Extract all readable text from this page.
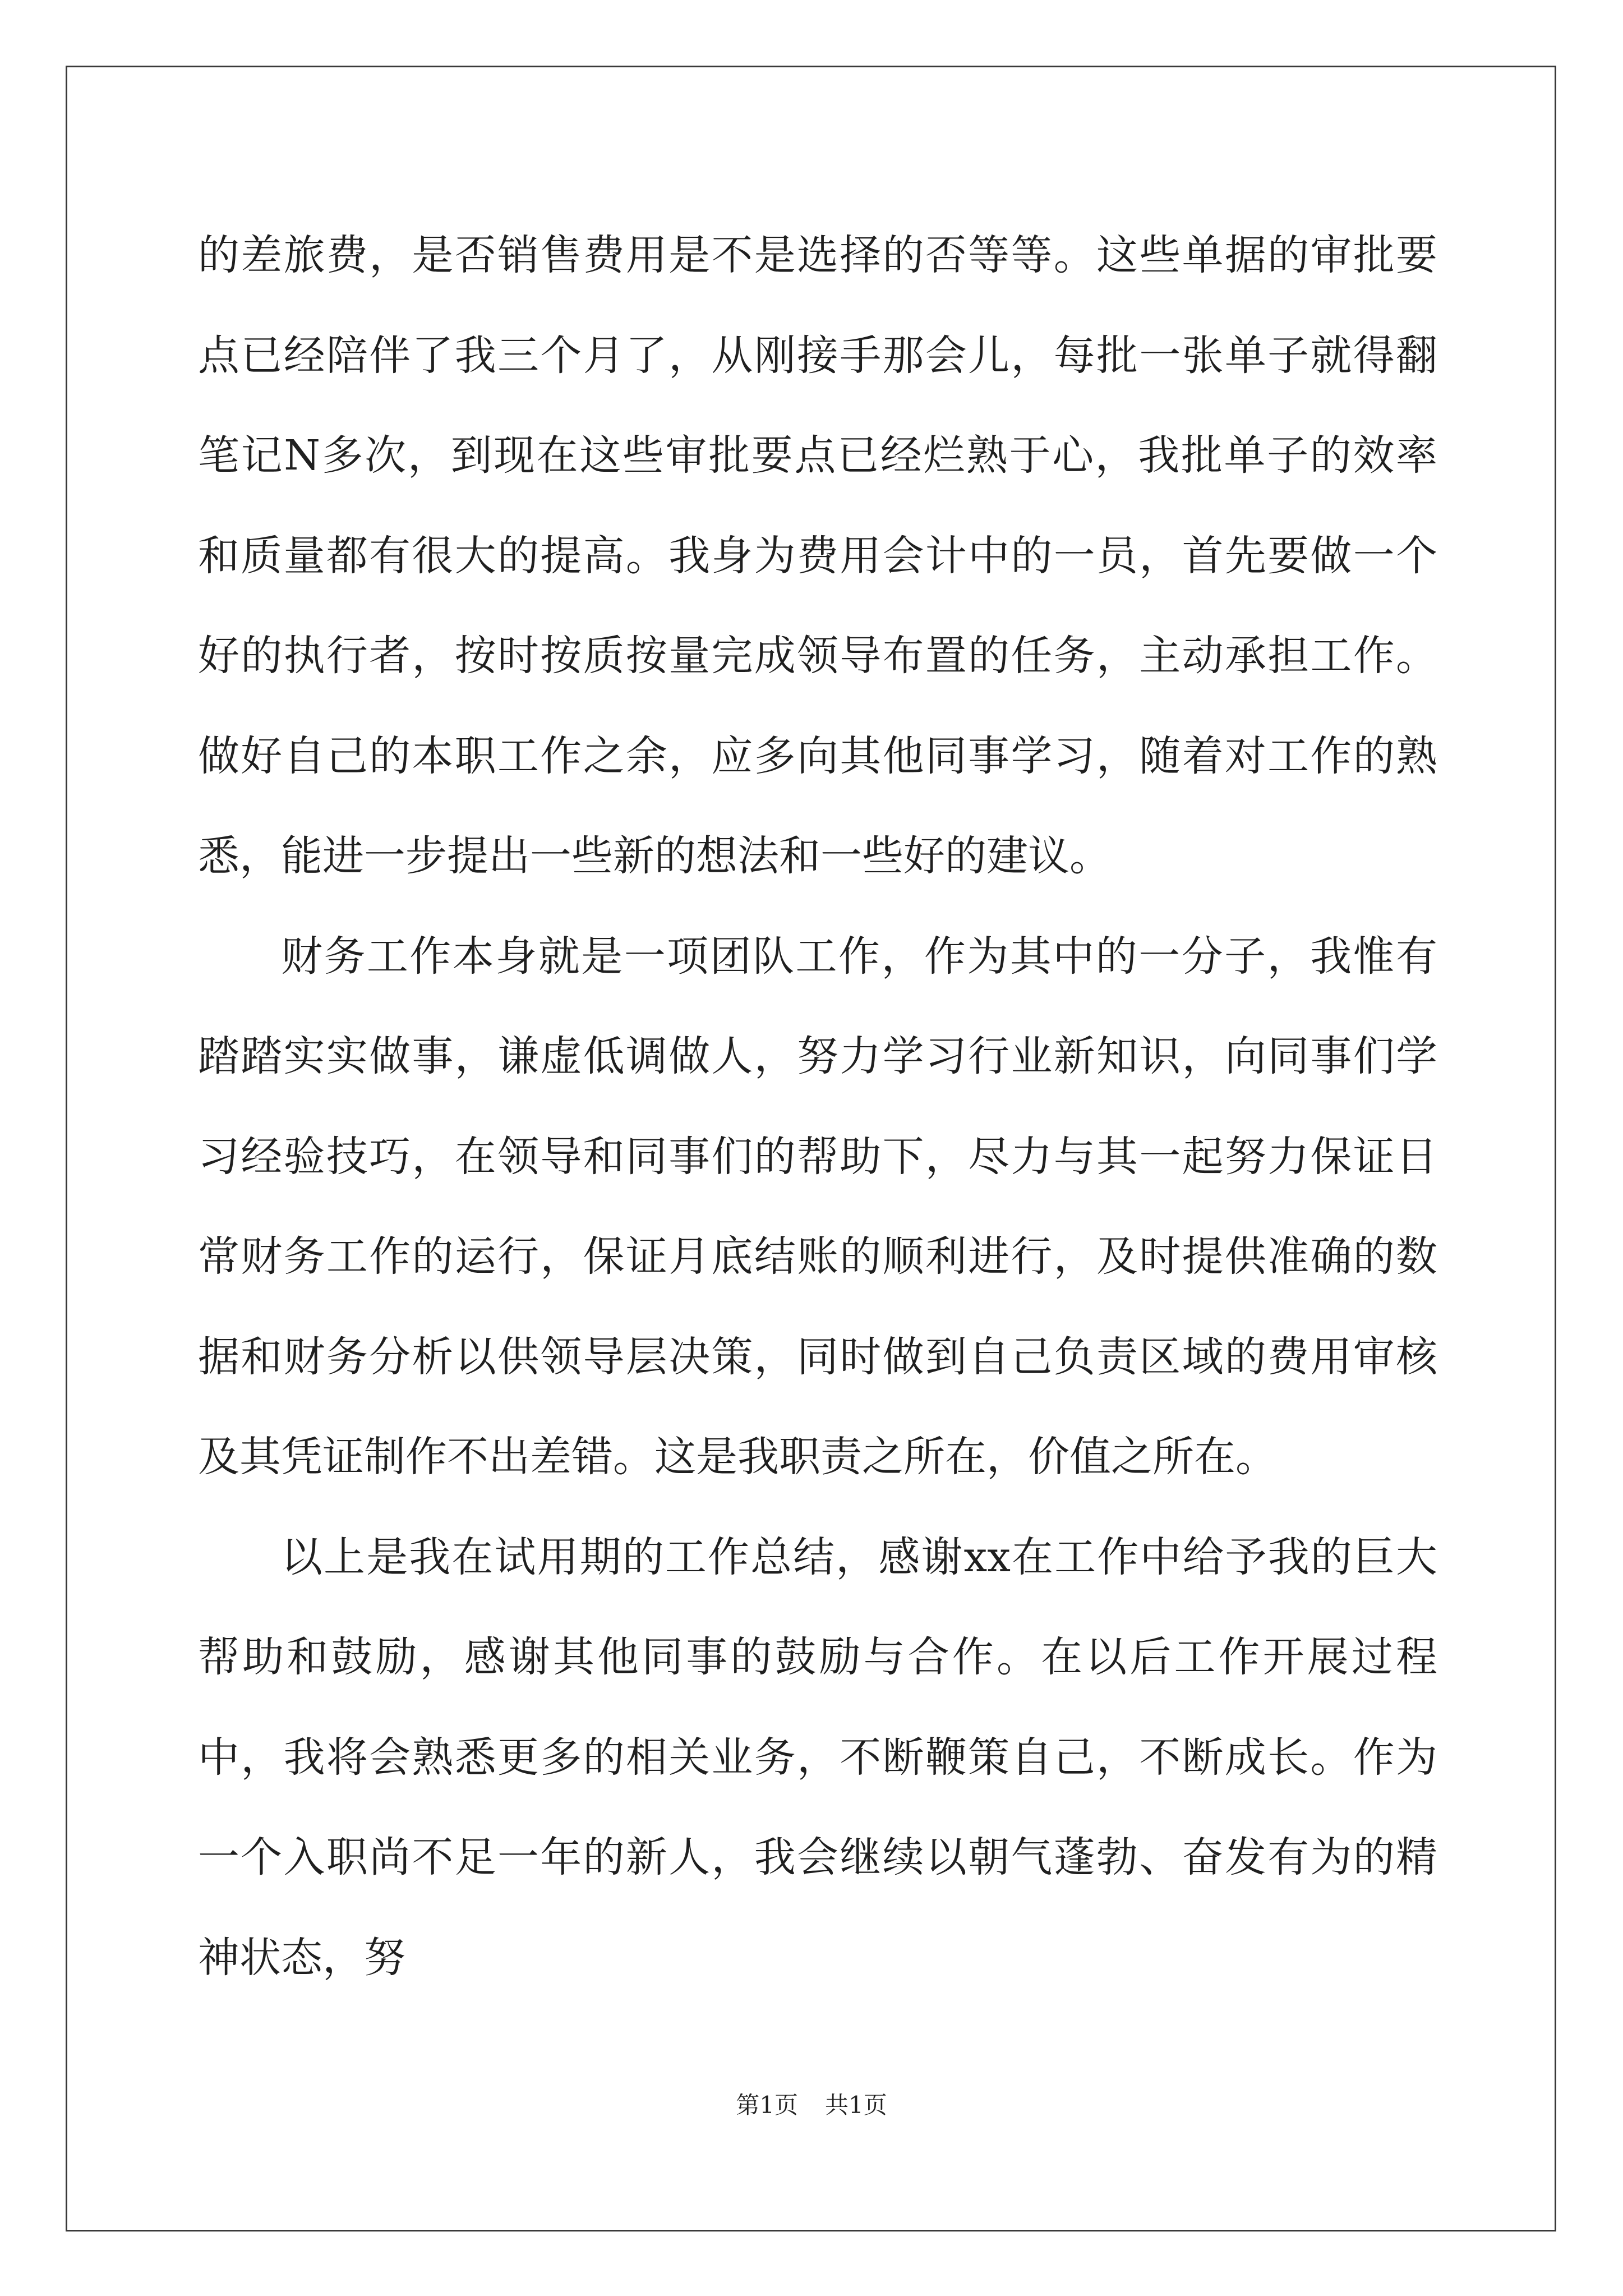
的差旅费，是否销售费用是不是选择的否等等。这些单据的审批要点已经陪伴了我三个月了，从刚接手那会儿，每批一张单子就得翻笔记N多次，到现在这些审批要点已经烂熟于心，我批单子的效率和质量都有很大的提高。我身为费用会计中的一员，首先要做一个好的执行者，按时按质按量完成领导布置的任务，主动承担工作。做好自己的本职工作之余，应多向其他同事学习，随着对工作的熟悉，能进一步提出一些新的想法和一些好的建议。

财务工作本身就是一项团队工作，作为其中的一分子，我惟有踏踏实实做事，谦虚低调做人，努力学习行业新知识，向同事们学习经验技巧，在领导和同事们的帮助下，尽力与其一起努力保证日常财务工作的运行，保证月底结账的顺利进行，及时提供准确的数据和财务分析以供领导层决策，同时做到自己负责区域的费用审核及其凭证制作不出差错。这是我职责之所在，价值之所在。

以上是我在试用期的工作总结，感谢xx在工作中给予我的巨大帮助和鼓励，感谢其他同事的鼓励与合作。在以后工作开展过程中，我将会熟悉更多的相关业务，不断鞭策自己，不断成长。作为一个入职尚不足一年的新人，我会继续以朝气蓬勃、奋发有为的精神状态，努

第1页 共1页
